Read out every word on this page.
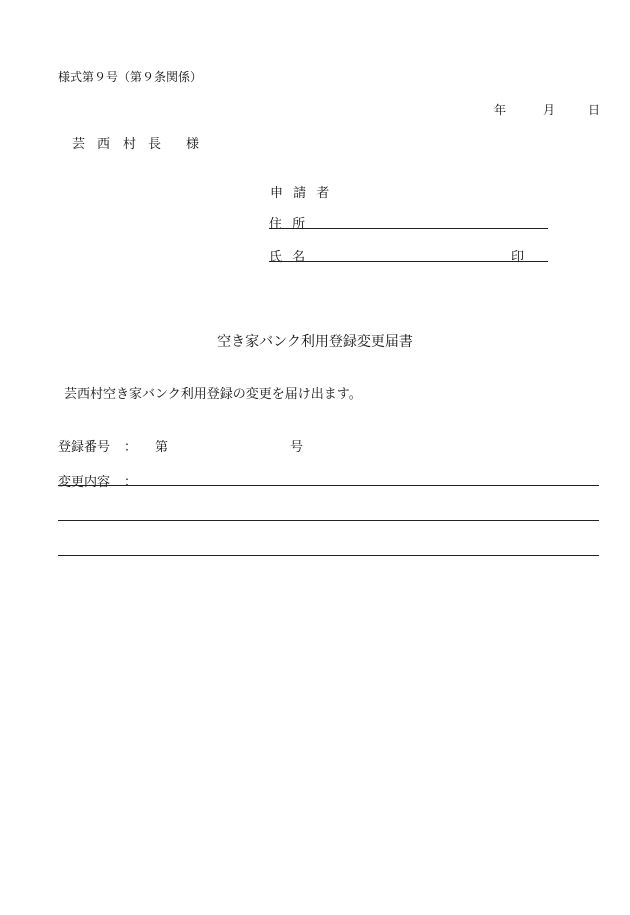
様式第９号（第９条関係）
年	月	日
芸 西 村 長 様
申 請 者
住 所
氏 名	印
空き家バンク利用登録変更届書
芸西村空き家バンク利用登録の変更を届け出ます。
登録番号 ： 第	号
変更内容 ：
